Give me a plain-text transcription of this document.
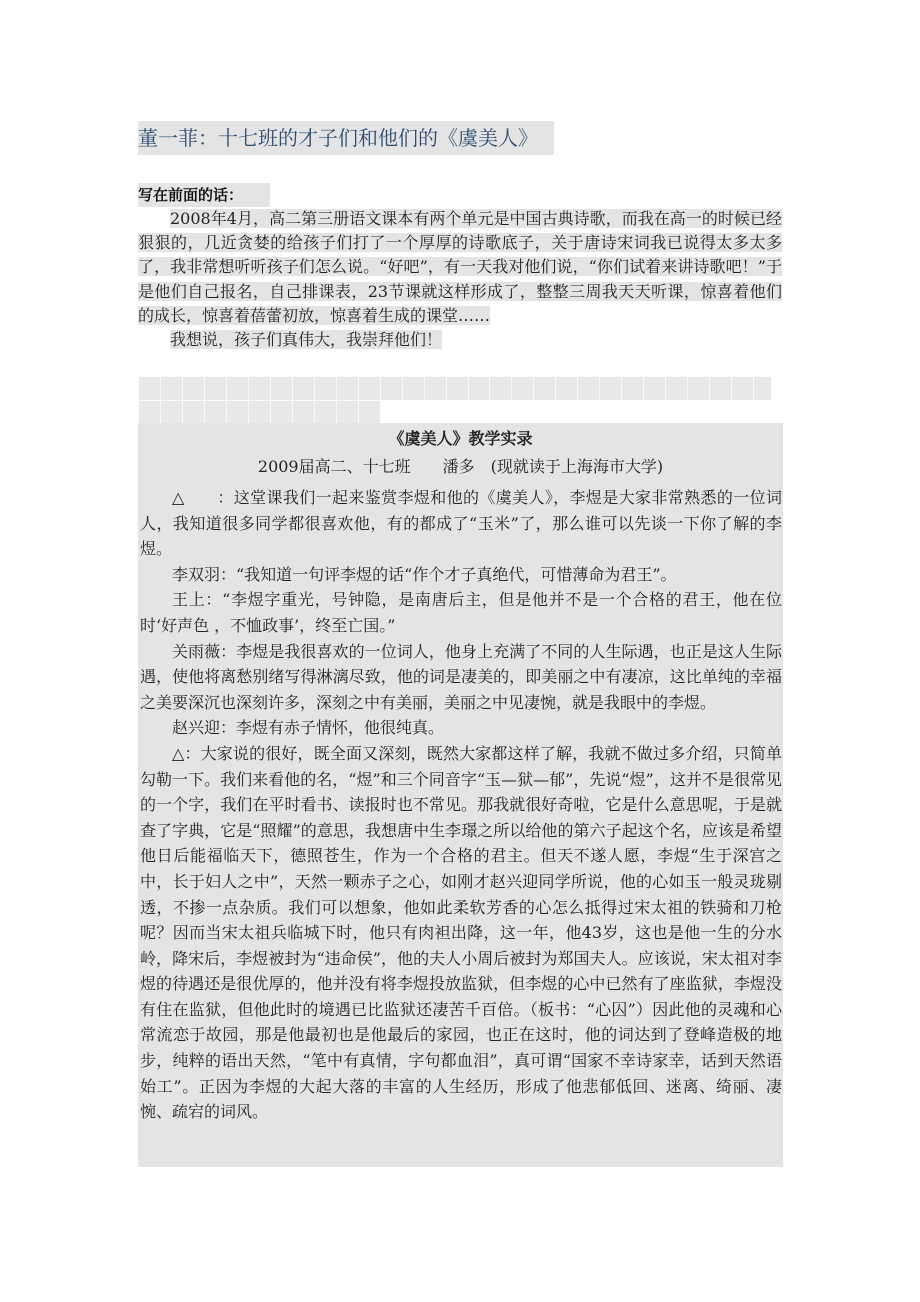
董一菲：十七班的才子们和他们的《虞美人》
写在前面的话：

2008年4月，高二第三册语文课本有两个单元是中国古典诗歌，而我在高一的时候已经狠狠的，几近贪婪的给孩子们打了一个厚厚的诗歌底子，关于唐诗宋词我已说得太多太多了，我非常想听听孩子们怎么说。“好吧”，有一天我对他们说，“你们试着来讲诗歌吧！”于是他们自己报名，自己排课表，23节课就这样形成了，整整三周我天天听课，惊喜着他们的成长，惊喜着蓓蕾初放，惊喜着生成的课堂……

我想说，孩子们真伟大，我崇拜他们！

《虞美人》教学实录
2009届高二、十七班　　潘多　(现就读于上海海市大学)

△　　：这堂课我们一起来鉴赏李煜和他的《虞美人》，李煜是大家非常熟悉的一位词人，我知道很多同学都很喜欢他，有的都成了“玉米”了，那么谁可以先谈一下你了解的李煜。

李双羽：“我知道一句评李煜的话“作个才子真绝代，可惜薄命为君王”。

王上：“李煜字重光，号钟隐，是南唐后主，但是他并不是一个合格的君王，他在位时‘好声色 ，不恤政事’，终至亡国。”

关雨薇：李煜是我很喜欢的一位词人，他身上充满了不同的人生际遇，也正是这人生际遇，使他将离愁别绪写得淋漓尽致，他的词是凄美的，即美丽之中有凄凉，这比单纯的幸福之美要深沉也深刻许多，深刻之中有美丽，美丽之中见凄惋，就是我眼中的李煜。

赵兴迎：李煜有赤子情怀，他很纯真。

△：大家说的很好，既全面又深刻，既然大家都这样了解，我就不做过多介绍，只简单勾勒一下。我们来看他的名，“煜”和三个同音字“玉—狱—郁”，先说“煜”，这并不是很常见的一个字，我们在平时看书、读报时也不常见。那我就很好奇啦，它是什么意思呢，于是就查了字典，它是“照耀”的意思，我想唐中生李璟之所以给他的第六子起这个名，应该是希望他日后能福临天下，德照苍生，作为一个合格的君主。但天不遂人愿，李煜“生于深宫之中，长于妇人之中”，天然一颗赤子之心，如刚才赵兴迎同学所说，他的心如玉一般灵珑剔透，不掺一点杂质。我们可以想象，他如此柔软芳香的心怎么抵得过宋太祖的铁骑和刀枪呢？因而当宋太祖兵临城下时，他只有肉袒出降，这一年，他43岁，这也是他一生的分水岭，降宋后，李煜被封为“违命侯”，他的夫人小周后被封为郑国夫人。应该说，宋太祖对李煜的待遇还是很优厚的，他并没有将李煜投放监狱，但李煜的心中已然有了座监狱，李煜没有住在监狱，但他此时的境遇已比监狱还凄苦千百倍。（板书：“心囚”）因此他的灵魂和心常流恋于故园，那是他最初也是他最后的家园，也正在这时，他的词达到了登峰造极的地步，纯粹的语出天然，“笔中有真情，字句都血泪”，真可谓“国家不幸诗家幸，话到天然语始工”。正因为李煜的大起大落的丰富的人生经历，形成了他悲郁低回、迷离、绮丽、凄惋、疏宕的词风。
